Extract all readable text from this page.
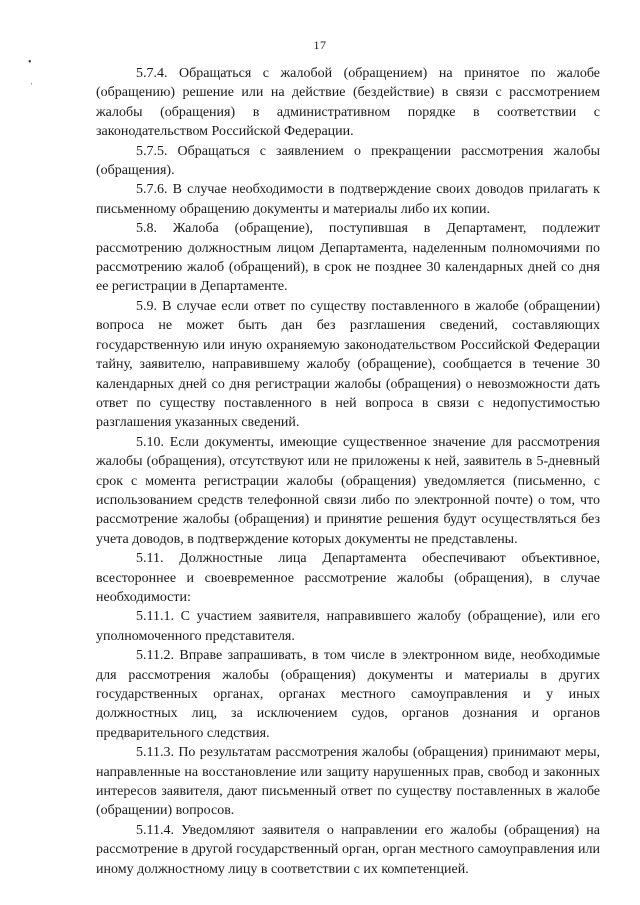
17
•
ˈ

5.7.4. Обращаться с жалобой (обращением) на принятое по жалобе (обращению) решение или на действие (бездействие) в связи с рассмотрением жалобы (обращения) в административном порядке в соответствии с законодательством Российской Федерации.

5.7.5. Обращаться с заявлением о прекращении рассмотрения жалобы (обращения).

5.7.6. В случае необходимости в подтверждение своих доводов прилагать к письменному обращению документы и материалы либо их копии.

5.8. Жалоба (обращение), поступившая в Департамент, подлежит рассмотрению должностным лицом Департамента, наделенным полномочиями по рассмотрению жалоб (обращений), в срок не позднее 30 календарных дней со дня ее регистрации в Департаменте.

5.9. В случае если ответ по существу поставленного в жалобе (обращении) вопроса не может быть дан без разглашения сведений, составляющих государственную или иную охраняемую законодательством Российской Федерации тайну, заявителю, направившему жалобу (обращение), сообщается в течение 30 календарных дней со дня регистрации жалобы (обращения) о невозможности дать ответ по существу поставленного в ней вопроса в связи с недопустимостью разглашения указанных сведений.

5.10. Если документы, имеющие существенное значение для рассмотрения жалобы (обращения), отсутствуют или не приложены к ней, заявитель в 5-дневный срок с момента регистрации жалобы (обращения) уведомляется (письменно, с использованием средств телефонной связи либо по электронной почте) о том, что рассмотрение жалобы (обращения) и принятие решения будут осуществляться без учета доводов, в подтверждение которых документы не представлены.

5.11. Должностные лица Департамента обеспечивают объективное, всестороннее и своевременное рассмотрение жалобы (обращения), в случае необходимости:

5.11.1. С участием заявителя, направившего жалобу (обращение), или его уполномоченного представителя.

5.11.2. Вправе запрашивать, в том числе в электронном виде, необходимые для рассмотрения жалобы (обращения) документы и материалы в других государственных органах, органах местного самоуправления и у иных должностных лиц, за исключением судов, органов дознания и органов предварительного следствия.

5.11.3. По результатам рассмотрения жалобы (обращения) принимают меры, направленные на восстановление или защиту нарушенных прав, свобод и законных интересов заявителя, дают письменный ответ по существу поставленных в жалобе (обращении) вопросов.

5.11.4. Уведомляют заявителя о направлении его жалобы (обращения) на рассмотрение в другой государственный орган, орган местного самоуправления или иному должностному лицу в соответствии с их компетенцией.
